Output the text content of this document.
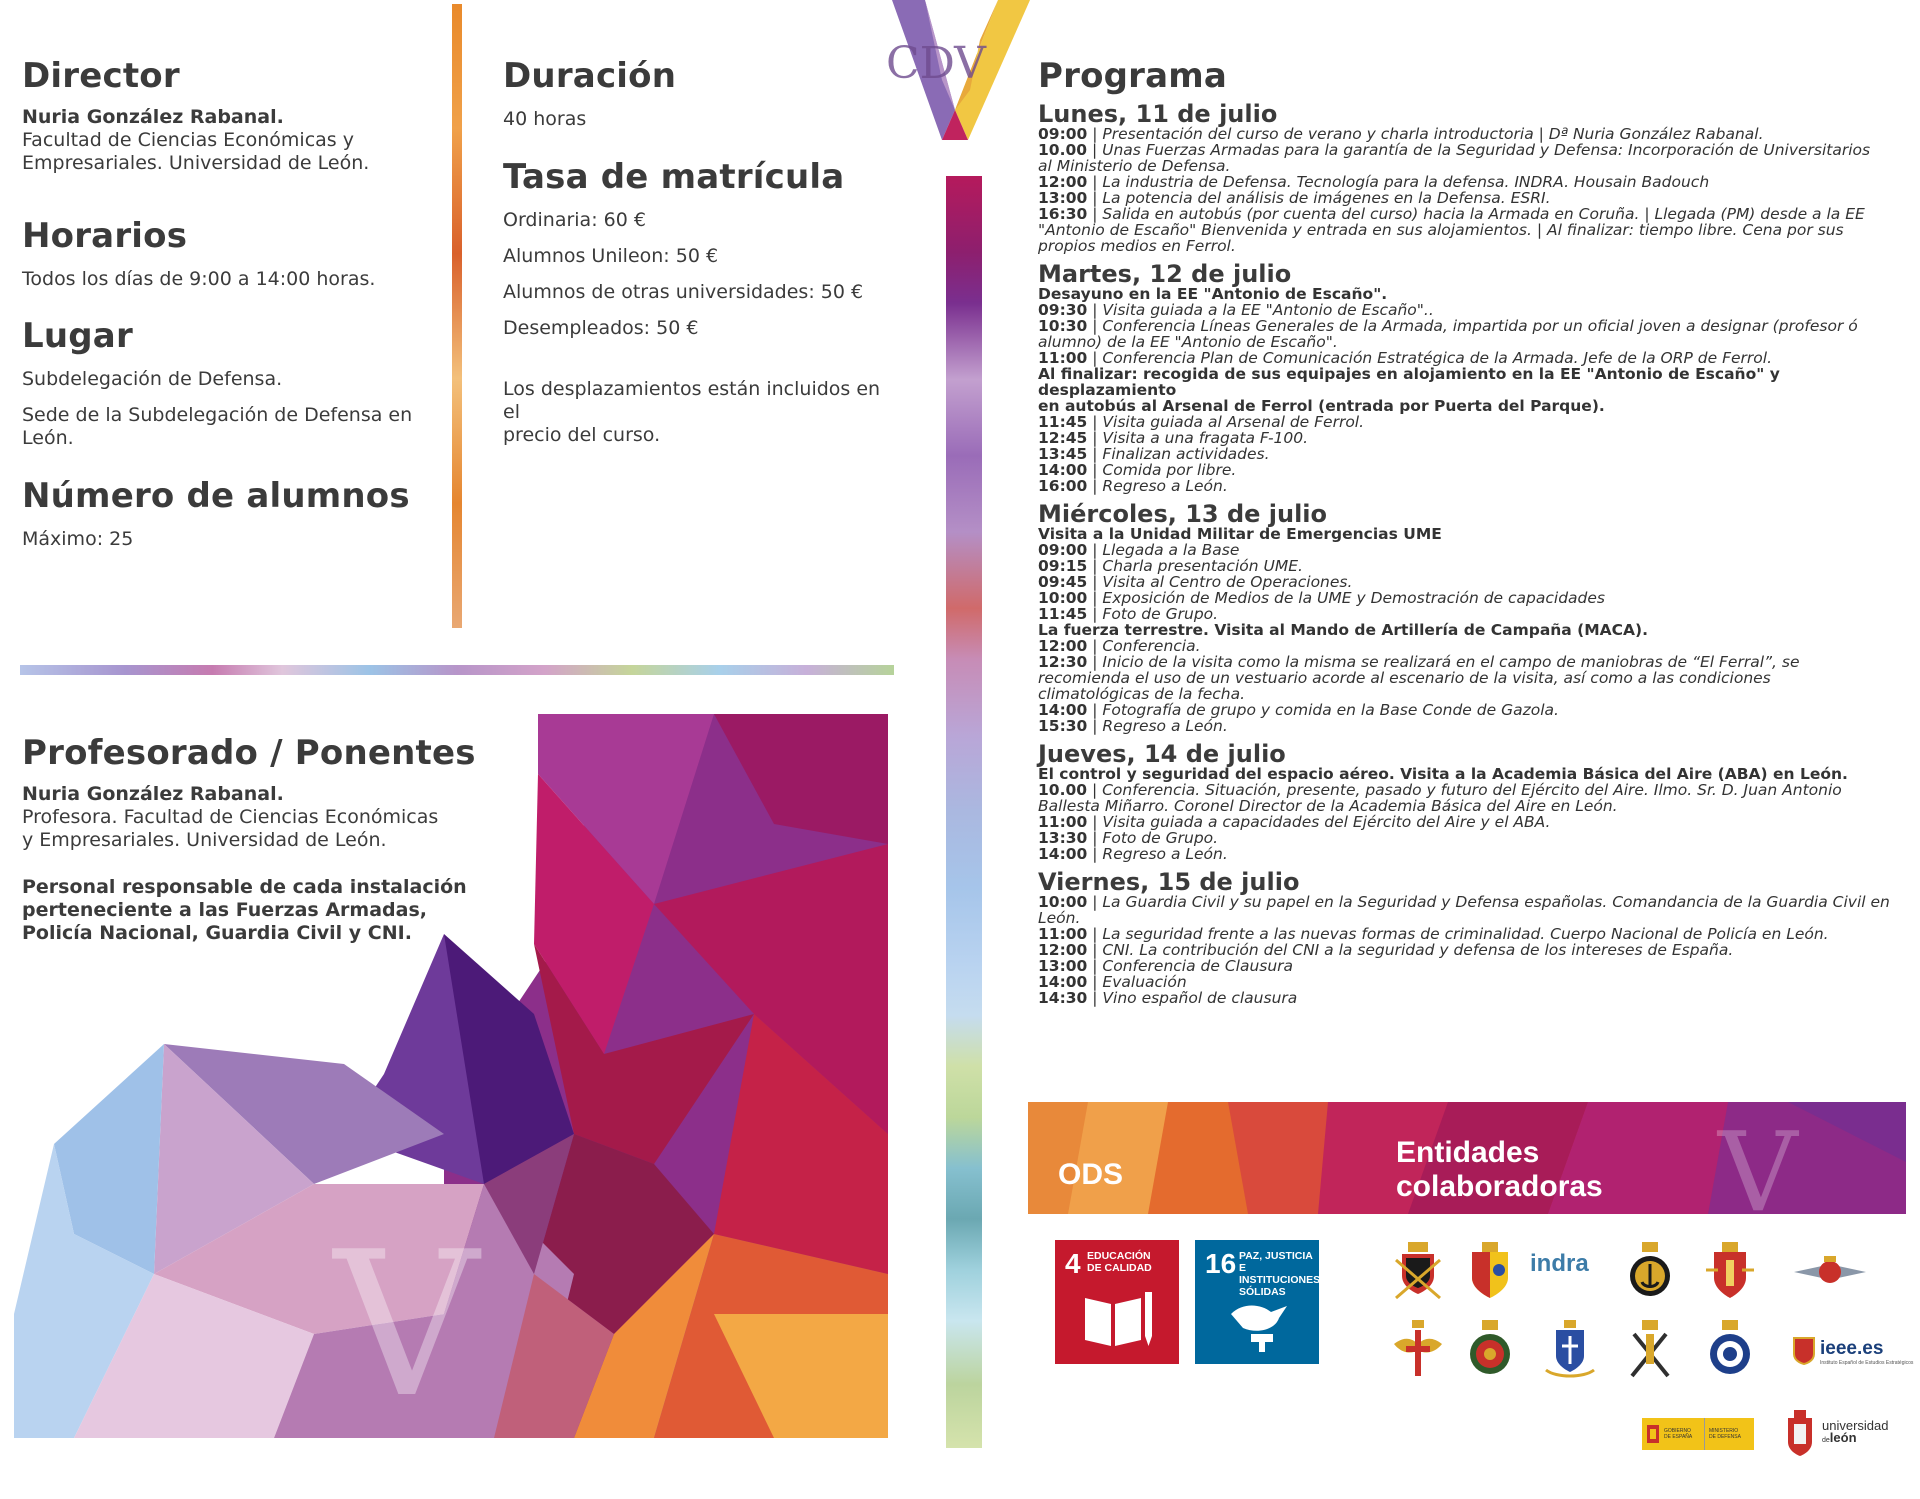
Director

Nuria González Rabanal.

Facultad de Ciencias Económicas y

Empresariales. Universidad de León.

Horarios

Todos los días de 9:00 a 14:00 horas.

Lugar

Subdelegación de Defensa.

Sede de la Subdelegación de Defensa en

León.

Número de alumnos

Máximo: 25

Duración

40 horas

Tasa de matrícula

Ordinaria: 60 €

Alumnos Unileon: 50 €

Alumnos de otras universidades: 50 €

Desempleados: 50 €

Los desplazamientos están incluidos en el

precio del curso.

V
Profesorado / Ponentes

Nuria González Rabanal.

Profesora. Facultad de Ciencias Económicas

y Empresariales. Universidad de León.

Personal responsable de cada instalación

perteneciente a las Fuerzas Armadas,

Policía Nacional, Guardia Civil y CNI.

CDV Programa
Lunes, 11 de julio
09:00 | Presentación del curso de verano y charla introductoria | Dª Nuria González Rabanal.
10.00 | Unas Fuerzas Armadas para la garantía de la Seguridad y Defensa: Incorporación de Universitarios
al Ministerio de Defensa.
12:00 | La industria de Defensa. Tecnología para la defensa. INDRA. Housain Badouch
13:00 | La potencia del análisis de imágenes en la Defensa. ESRI.
16:30 | Salida en autobús (por cuenta del curso) hacia la Armada en Coruña. | Llegada (PM) desde a la EE
"Antonio de Escaño" Bienvenida y entrada en sus alojamientos. | Al finalizar: tiempo libre. Cena por sus
propios medios en Ferrol.
Martes, 12 de julio
Desayuno en la EE "Antonio de Escaño".
09:30 | Visita guiada a la EE "Antonio de Escaño"..
10:30 | Conferencia Líneas Generales de la Armada, impartida por un oficial joven a designar (profesor ó
alumno) de la EE "Antonio de Escaño".
11:00 | Conferencia Plan de Comunicación Estratégica de la Armada. Jefe de la ORP de Ferrol.
Al finalizar: recogida de sus equipajes en alojamiento en la EE "Antonio de Escaño" y desplazamiento
en autobús al Arsenal de Ferrol (entrada por Puerta del Parque).
11:45 | Visita guiada al Arsenal de Ferrol.
12:45 | Visita a una fragata F-100.
13:45 | Finalizan actividades.
14:00 | Comida por libre.
16:00 | Regreso a León.
Miércoles, 13 de julio
Visita a la Unidad Militar de Emergencias UME
09:00 | Llegada a la Base
09:15 | Charla presentación UME.
09:45 | Visita al Centro de Operaciones.
10:00 | Exposición de Medios de la UME y Demostración de capacidades
11:45 | Foto de Grupo.
La fuerza terrestre. Visita al Mando de Artillería de Campaña (MACA).
12:00 | Conferencia.
12:30 | Inicio de la visita como la misma se realizará en el campo de maniobras de “El Ferral”, se
recomienda el uso de un vestuario acorde al escenario de la visita, así como a las condiciones
climatológicas de la fecha.
14:00 | Fotografía de grupo y comida en la Base Conde de Gazola.
15:30 | Regreso a León.
Jueves, 14 de julio
El control y seguridad del espacio aéreo. Visita a la Academia Básica del Aire (ABA) en León.
10.00 | Conferencia. Situación, presente, pasado y futuro del Ejército del Aire. Ilmo. Sr. D. Juan Antonio
Ballesta Miñarro. Coronel Director de la Academia Básica del Aire en León.
11:00 | Visita guiada a capacidades del Ejército del Aire y el ABA.
13:30 | Foto de Grupo.
14:00 | Regreso a León.
Viernes, 15 de julio
10:00 | La Guardia Civil y su papel en la Seguridad y Defensa españolas. Comandancia de la Guardia Civil en León.
11:00 | La seguridad frente a las nuevas formas de criminalidad. Cuerpo Nacional de Policía en León.
12:00 | CNI. La contribución del CNI a la seguridad y defensa de los intereses de España.
13:00 | Conferencia de Clausura
14:00 | Evaluación
14:30 | Vino español de clausura
ODS
Entidades
colaboradoras V
4 EDUCACIÓN
DE CALIDAD 16 PAZ, JUSTICIA
E INSTITUCIONES
SÓLIDAS
indra
ieee.es
Instituto Español de Estudios Estratégicos
GOBIERNO
DE ESPAÑA
MINISTERIO
DE DEFENSA
universidad
deleón
